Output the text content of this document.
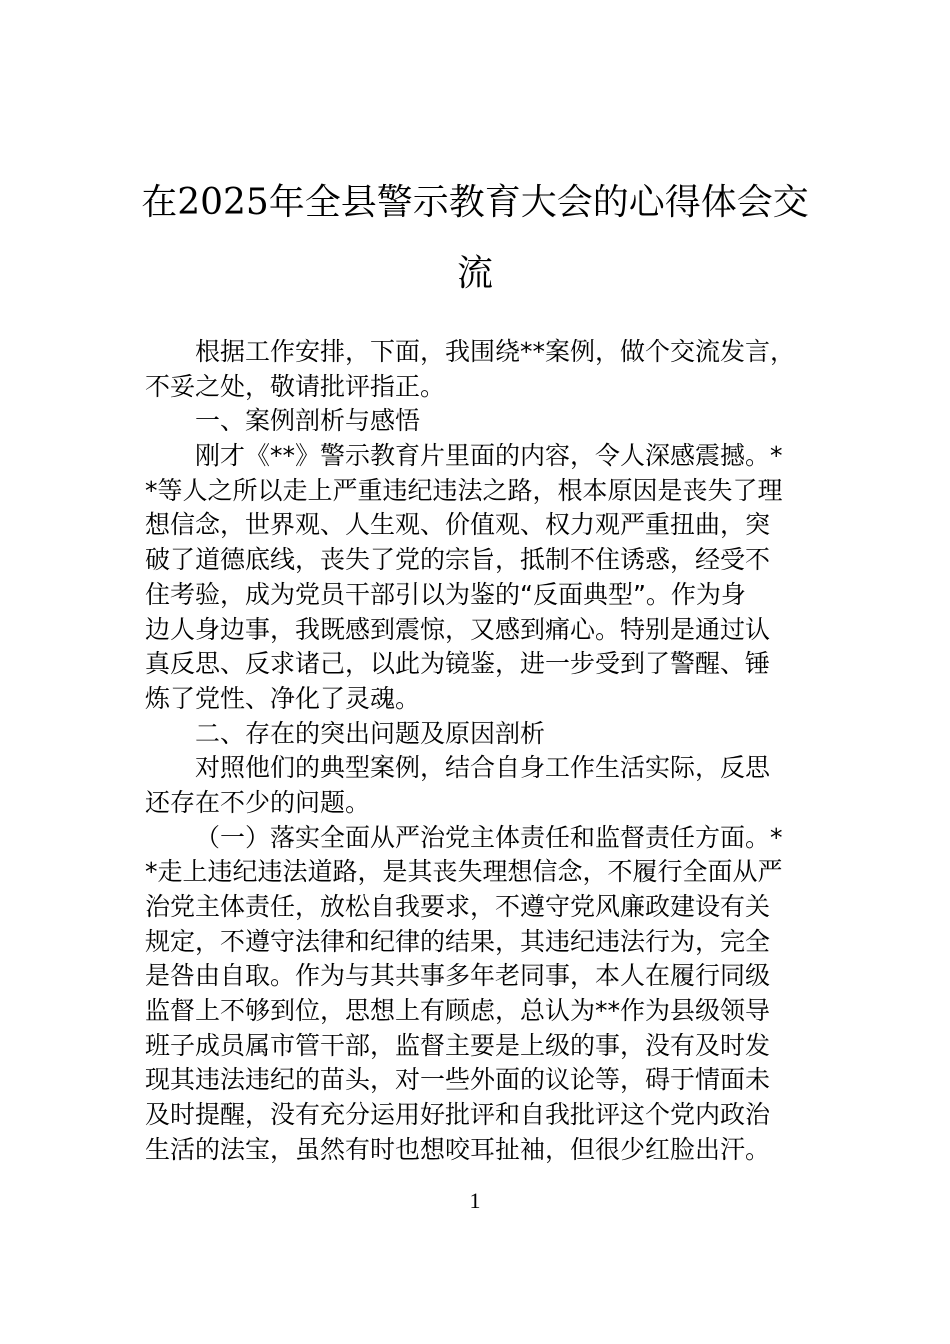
在2025年全县警示教育大会的心得体会交
流
根据工作安排，下面，我围绕**案例，做个交流发言，
不妥之处，敬请批评指正。
一、案例剖析与感悟
刚才《**》警示教育片里面的内容，令人深感震撼。*
*等人之所以走上严重违纪违法之路，根本原因是丧失了理
想信念，世界观、人生观、价值观、权力观严重扭曲，突
破了道德底线，丧失了党的宗旨，抵制不住诱惑，经受不
住考验，成为党员干部引以为鉴的“反面典型”。作为身
边人身边事，我既感到震惊，又感到痛心。特别是通过认
真反思、反求诸己，以此为镜鉴，进一步受到了警醒、锤
炼了党性、净化了灵魂。
二、存在的突出问题及原因剖析
对照他们的典型案例，结合自身工作生活实际，反思
还存在不少的问题。
（一）落实全面从严治党主体责任和监督责任方面。*
*走上违纪违法道路，是其丧失理想信念，不履行全面从严
治党主体责任，放松自我要求，不遵守党风廉政建设有关
规定，不遵守法律和纪律的结果，其违纪违法行为，完全
是咎由自取。作为与其共事多年老同事，本人在履行同级
监督上不够到位，思想上有顾虑，总认为**作为县级领导
班子成员属市管干部，监督主要是上级的事，没有及时发
现其违法违纪的苗头，对一些外面的议论等，碍于情面未
及时提醒，没有充分运用好批评和自我批评这个党内政治
生活的法宝，虽然有时也想咬耳扯袖，但很少红脸出汗。
1
